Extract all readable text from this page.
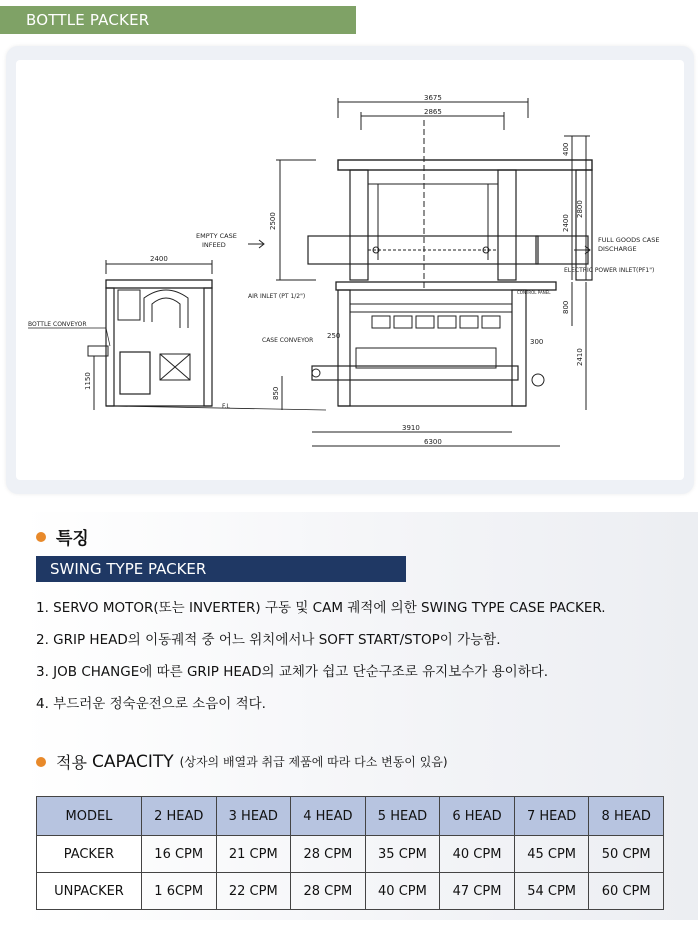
BOTTLE PACKER
3675
2865
2500
400
2400
2800
EMPTY CASE
INFEED
FULL GOODS CASE
DISCHARGE
2400
1150
F.L
BOTTLE CONVEYOR
AIR INLET (PT 1/2")
CASE CONVEYOR
ELECTRIC POWER INLET(PF1")
CONTROL PANEL
250
300
850
800
2410
3910
6300
특징
SWING TYPE PACKER
1. SERVO MOTOR(또는 INVERTER) 구동 및 CAM 궤적에 의한 SWING TYPE CASE PACKER.
2. GRIP HEAD의 이동궤적 중 어느 위치에서나 SOFT START/STOP이 가능함.
3. JOB CHANGE에 따른 GRIP HEAD의 교체가 쉽고 단순구조로 유지보수가 용이하다.
4. 부드러운 정숙운전으로 소음이 적다.
적용
CAPACITY (상자의 배열과 취급 제품에 따라 다소 변동이 있음)
MODEL	2 HEAD	3 HEAD	4 HEAD	5 HEAD	6 HEAD	7 HEAD	8 HEAD
PACKER	16 CPM	21 CPM	28 CPM	35 CPM	40 CPM	45 CPM	50 CPM
UNPACKER	1 6CPM	22 CPM	28 CPM	40 CPM	47 CPM	54 CPM	60 CPM
